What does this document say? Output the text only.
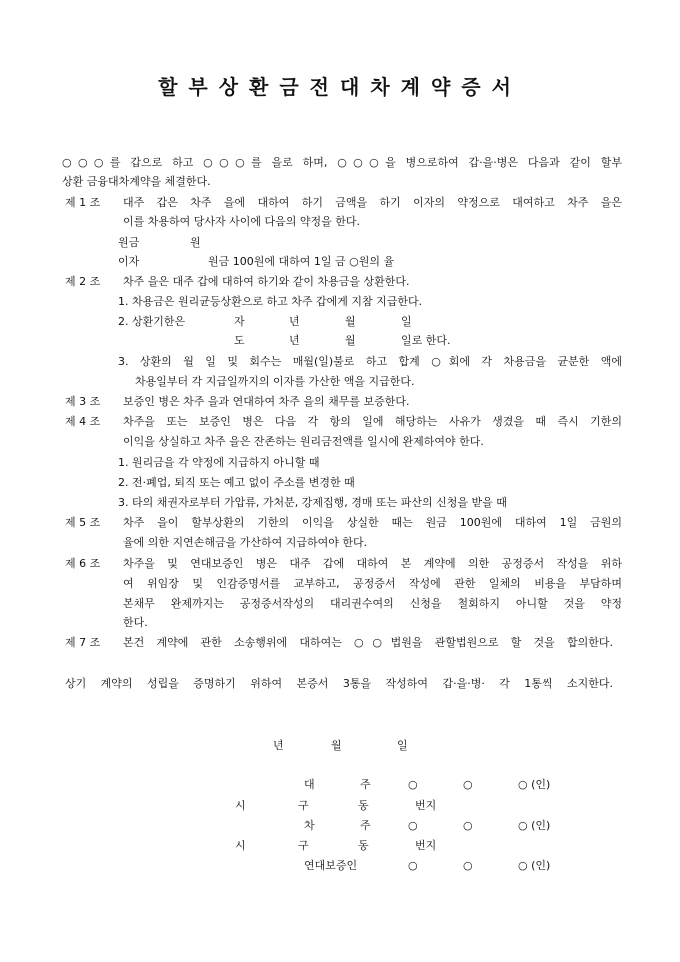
할부상환금전대차계약증서
○○○를 갑으로 하고 ○○○를 을로 하며, ○○○을 병으로하여 갑·을·병은 다음과 같이 할부
상환 금융대차계약을 체결한다.
제 1 조 대주 갑은 차주 을에 대하여 하기 금액을 하기 이자의 약정으로 대여하고 차주 을은
이를 차용하여 당사자 사이에 다음의 약정을 한다.
원금	원
이자	원금 100원에 대하여 1일 금 ○원의 율
제 2 조 차주 을은 대주 갑에 대하여 하기와 같이 차용금을 상환한다.
1. 차용금은 원리균등상환으로 하고 차주 갑에게 지참 지급한다.
2. 상환기한은	자	년	월	일
도	년	월	일로 한다.
3. 상환의 월 일 및 회수는 매월(일)불로 하고 합계 ○회에 각 차용금을 균분한 액에
차용일부터 각 지급일까지의 이자를 가산한 액을 지급한다.
제 3 조 보증인 병은 차주 을과 연대하여 차주 을의 채무를 보증한다.
제 4 조 차주을 또는 보증인 병은 다음 각 항의 일에 해당하는 사유가 생겼을 때 즉시 기한의
이익을 상실하고 차주 을은 잔존하는 원리금전액를 일시에 완제하여야 한다.
1. 원리금을 각 약정에 지급하지 아니할 때
2. 전·폐업, 퇴직 또는 예고 없이 주소를 변경한 때
3. 타의 채권자로부터 가압류, 가처분, 강제집행, 경매 또는 파산의 신청을 받을 때
제 5 조 차주 을이 할부상환의 기한의 이익을 상실한 때는 원금 100원에 대하여 1일 금원의
율에 의한 지연손해금을 가산하여 지급하여야 한다.
제 6 조 차주을 및 연대보증인 병은 대주 갑에 대하여 본 계약에 의한 공정증서 작성을 위하
여 위임장 및 인감증명서를 교부하고, 공정증서 작성에 관한 일체의 비용을 부담하며
본채무 완제까지는 공정증서작성의 대리권수여의 신청을 철회하지 아니할 것을 약정
한다.
제 7 조 본건 계약에 관한 소송행위에 대하여는 ○○법원을 관할법원으로 할 것을 합의한다.
상기 계약의 성립을 증명하기 위하여 본증서 3통을 작성하여 갑·을·병· 각 1통씩 소지한다.
년	월	일
대	주	○	○	○ (인)
시	구	동	번지
차	주	○	○	○ (인)
시	구	동	번지
연대보증인	○	○	○ (인)
